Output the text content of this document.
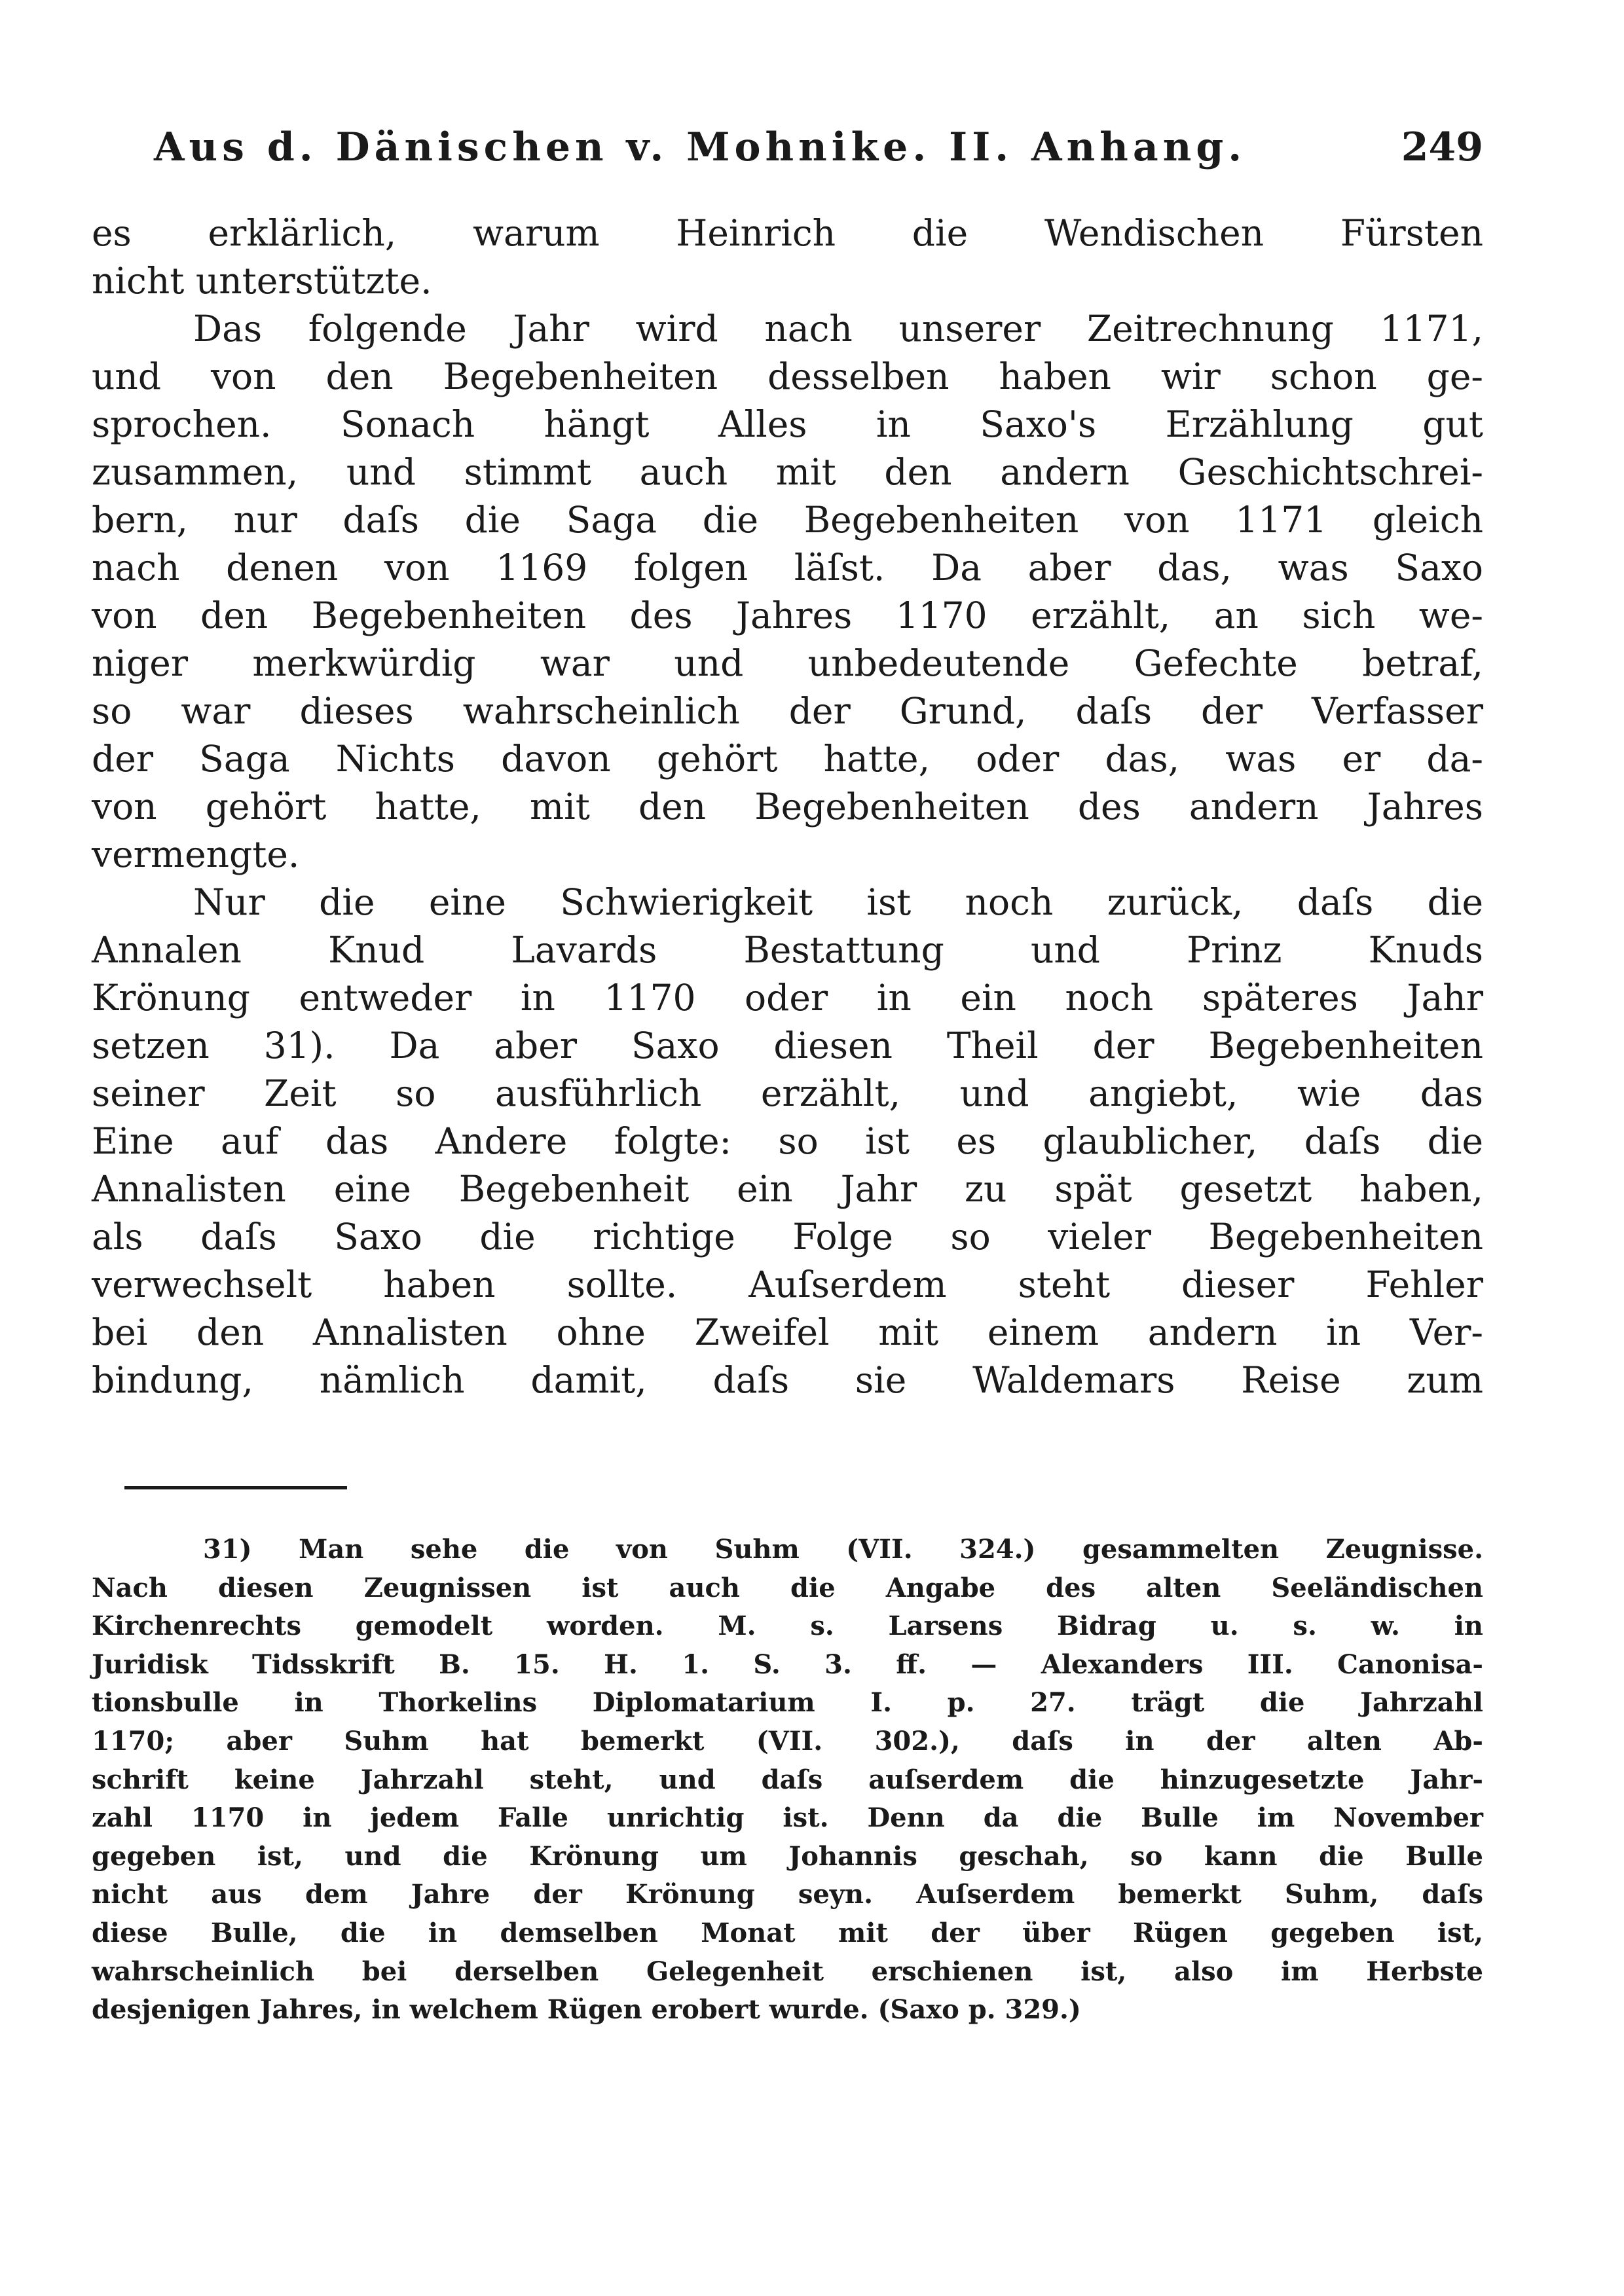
Aus d. Dänischen v. Mohnike. II. Anhang.	249
es erklärlich, warum Heinrich die Wendischen Fürsten
nicht unterstützte.
Das folgende Jahr wird nach unserer Zeitrechnung 1171,
und von den Begebenheiten desselben haben wir schon ge-
sprochen. Sonach hängt Alles in Saxo's Erzählung gut
zusammen, und stimmt auch mit den andern Geschichtschrei-
bern, nur daſs die Saga die Begebenheiten von 1171 gleich
nach denen von 1169 folgen läſst. Da aber das, was Saxo
von den Begebenheiten des Jahres 1170 erzählt, an sich we-
niger merkwürdig war und unbedeutende Gefechte betraf,
so war dieses wahrscheinlich der Grund, daſs der Verfasser
der Saga Nichts davon gehört hatte, oder das, was er da-
von gehört hatte, mit den Begebenheiten des andern Jahres
vermengte.
Nur die eine Schwierigkeit ist noch zurück, daſs die
Annalen Knud Lavards Bestattung und Prinz Knuds
Krönung entweder in 1170 oder in ein noch späteres Jahr
setzen 31). Da aber Saxo diesen Theil der Begebenheiten
seiner Zeit so ausführlich erzählt, und angiebt, wie das
Eine auf das Andere folgte: so ist es glaublicher, daſs die
Annalisten eine Begebenheit ein Jahr zu spät gesetzt haben,
als daſs Saxo die richtige Folge so vieler Begebenheiten
verwechselt haben sollte. Auſserdem steht dieser Fehler
bei den Annalisten ohne Zweifel mit einem andern in Ver-
bindung, nämlich damit, daſs sie Waldemars Reise zum
31) Man sehe die von Suhm (VII. 324.) gesammelten Zeugnisse.
Nach diesen Zeugnissen ist auch die Angabe des alten Seeländischen
Kirchenrechts gemodelt worden. M. s. Larsens Bidrag u. s. w. in
Juridisk Tidsskrift B. 15. H. 1. S. 3. ff. — Alexanders III. Canonisa-
tionsbulle in Thorkelins Diplomatarium I. p. 27. trägt die Jahrzahl
1170; aber Suhm hat bemerkt (VII. 302.), daſs in der alten Ab-
schrift keine Jahrzahl steht, und daſs auſserdem die hinzugesetzte Jahr-
zahl 1170 in jedem Falle unrichtig ist. Denn da die Bulle im November
gegeben ist, und die Krönung um Johannis geschah, so kann die Bulle
nicht aus dem Jahre der Krönung seyn. Auſserdem bemerkt Suhm, daſs
diese Bulle, die in demselben Monat mit der über Rügen gegeben ist,
wahrscheinlich bei derselben Gelegenheit erschienen ist, also im Herbste
desjenigen Jahres, in welchem Rügen erobert wurde. (Saxo p. 329.)
